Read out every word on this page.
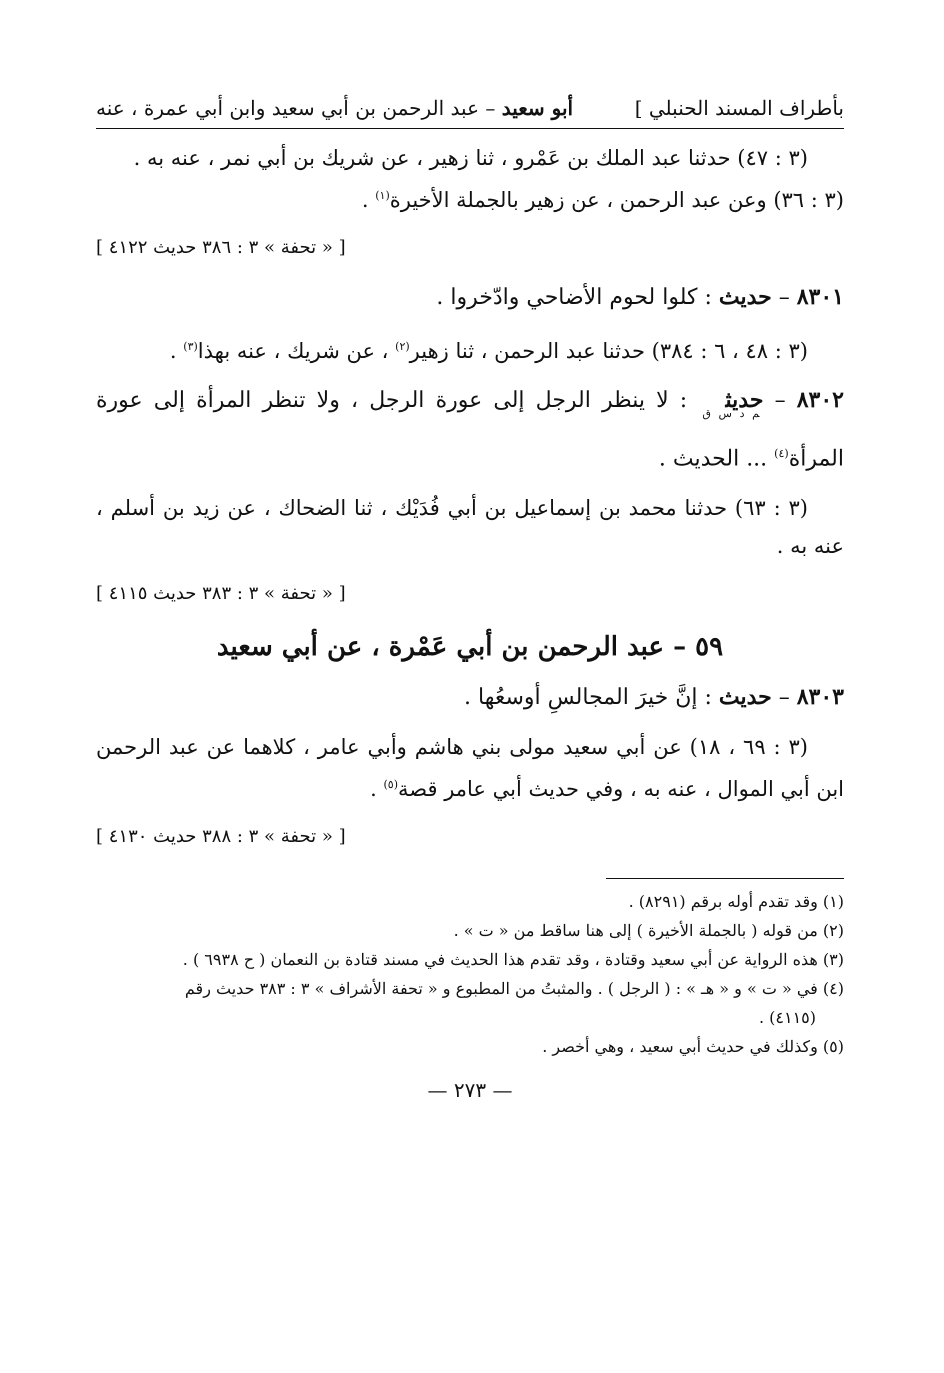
أبو سعيد – عبد الرحمن بن أبي سعيد وابن أبي عمرة ، عنه	بأطراف المسند الحنبلي ]

(٣ : ٤٧) حدثنا عبد الملك بن عَمْرو ، ثنا زهير ، عن شريك بن أبي نمر ، عنه به .
(٣ : ٣٦) وعن عبد الرحمن ، عن زهير بالجملة الأخيرة$^{(١)}$ .

[ « تحفة » ٣ : ٣٨٦ حديث ٤١٢٢ ]

٨٣٠١ – حديث : كلوا لحوم الأضاحي وادّخروا .

(٣ : ٤٨ ، ٦ : ٣٨٤) حدثنا عبد الرحمن ، ثنا زهير$^{(٢)}$ ، عن شريك ، عنه بهذا$^{(٣)}$ .

٨٣٠٢ – حديث$_{م د س ق}$ : لا ينظر الرجل إلى عورة الرجل ، ولا تنظر المرأة إلى عورة المرأة$^{(٤)}$ ... الحديث .

(٣ : ٦٣) حدثنا محمد بن إسماعيل بن أبي فُدَيْك ، ثنا الضحاك ، عن زيد بن أسلم ، عنه به .

[ « تحفة » ٣ : ٣٨٣ حديث ٤١١٥ ]

٥٩ – عبد الرحمن بن أبي عَمْرة ، عن أبي سعيد

٨٣٠٣ – حديث : إنَّ خيرَ المجالسِ أوسعُها .

(٣ : ٦٩ ، ١٨) عن أبي سعيد مولى بني هاشم وأبي عامر ، كلاهما عن عبد الرحمن ابن أبي الموال ، عنه به ، وفي حديث أبي عامر قصة$^{(٥)}$ .

[ « تحفة » ٣ : ٣٨٨ حديث ٤١٣٠ ]

(١) وقد تقدم أوله برقم (٨٢٩١) .

(٢) من قوله ( بالجملة الأخيرة ) إلى هنا ساقط من « ت » .

(٣) هذه الرواية عن أبي سعيد وقتادة ، وقد تقدم هذا الحديث في مسند قتادة بن النعمان ( ح ٦٩٣٨ ) .

(٤) في « ت » و « هـ » : ( الرجل ) . والمثبتُ من المطبوع و « تحفة الأشراف » ٣ : ٣٨٣ حديث رقم

(٤١١٥) .

(٥) وكذلك في حديث أبي سعيد ، وهي أخصر .

— ٢٧٣ —
